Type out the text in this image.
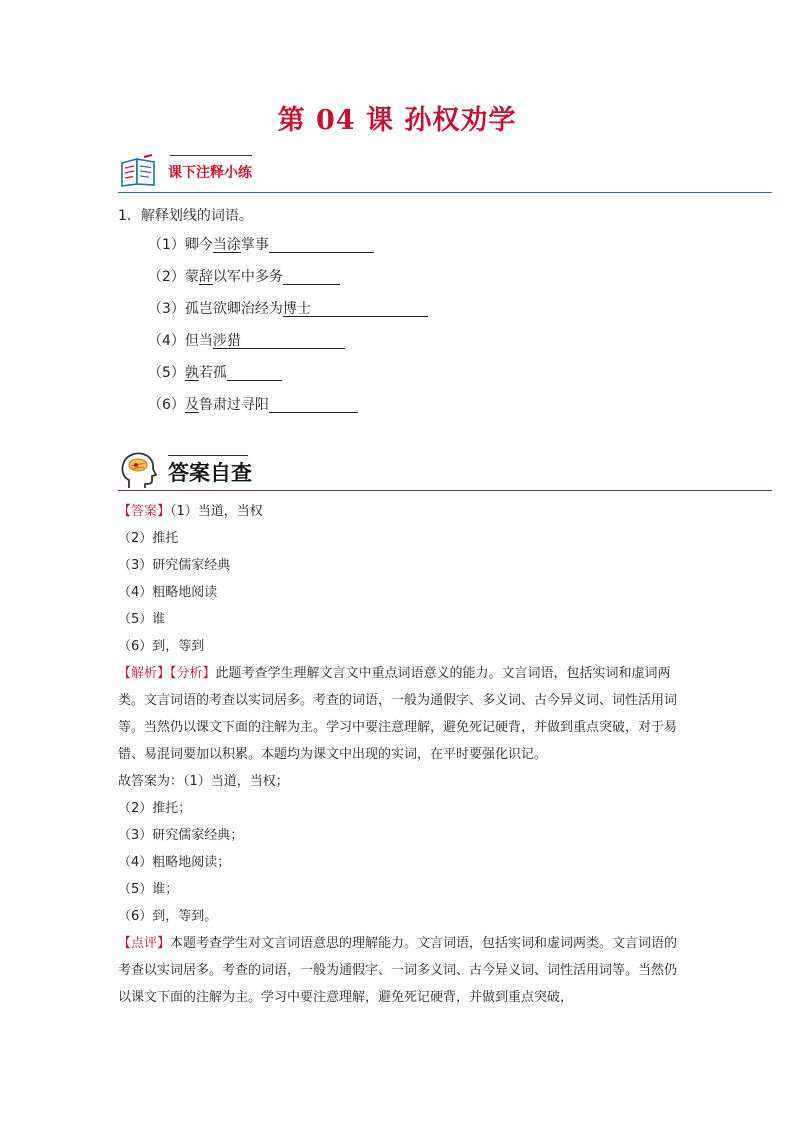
第 04 课 孙权劝学
课下注释小练
1．解释划线的词语。
（1）卿今当涂掌事
（2）蒙辞以军中多务
（3）孤岂欲卿治经为博士
（4）但当涉猎
（5）孰若孤
（6）及鲁肃过寻阳
答案自查
【答案】（1）当道，当权
（2）推托
（3）研究儒家经典
（4）粗略地阅读
（5）谁
（6）到，等到

【解析】【分析】此题考查学生理解文言文中重点词语意义的能力。文言词语，包括实词和虚词两类。文言词语的考查以实词居多。考查的词语，一般为通假字、多义词、古今异义词、词性活用词等。当然仍以课文下面的注解为主。学习中要注意理解，避免死记硬背，并做到重点突破，对于易错、易混词要加以积累。本题均为课文中出现的实词，在平时要强化识记。

故答案为：（1）当道，当权；
（2）推托；
（3）研究儒家经典；
（4）粗略地阅读；
（5）谁；
（6）到，等到。

【点评】本题考查学生对文言词语意思的理解能力。文言词语，包括实词和虚词两类。文言词语的考查以实词居多。考查的词语，一般为通假字、一词多义词、古今异义词、词性活用词等。当然仍以课文下面的注解为主。学习中要注意理解，避免死记硬背，并做到重点突破，
